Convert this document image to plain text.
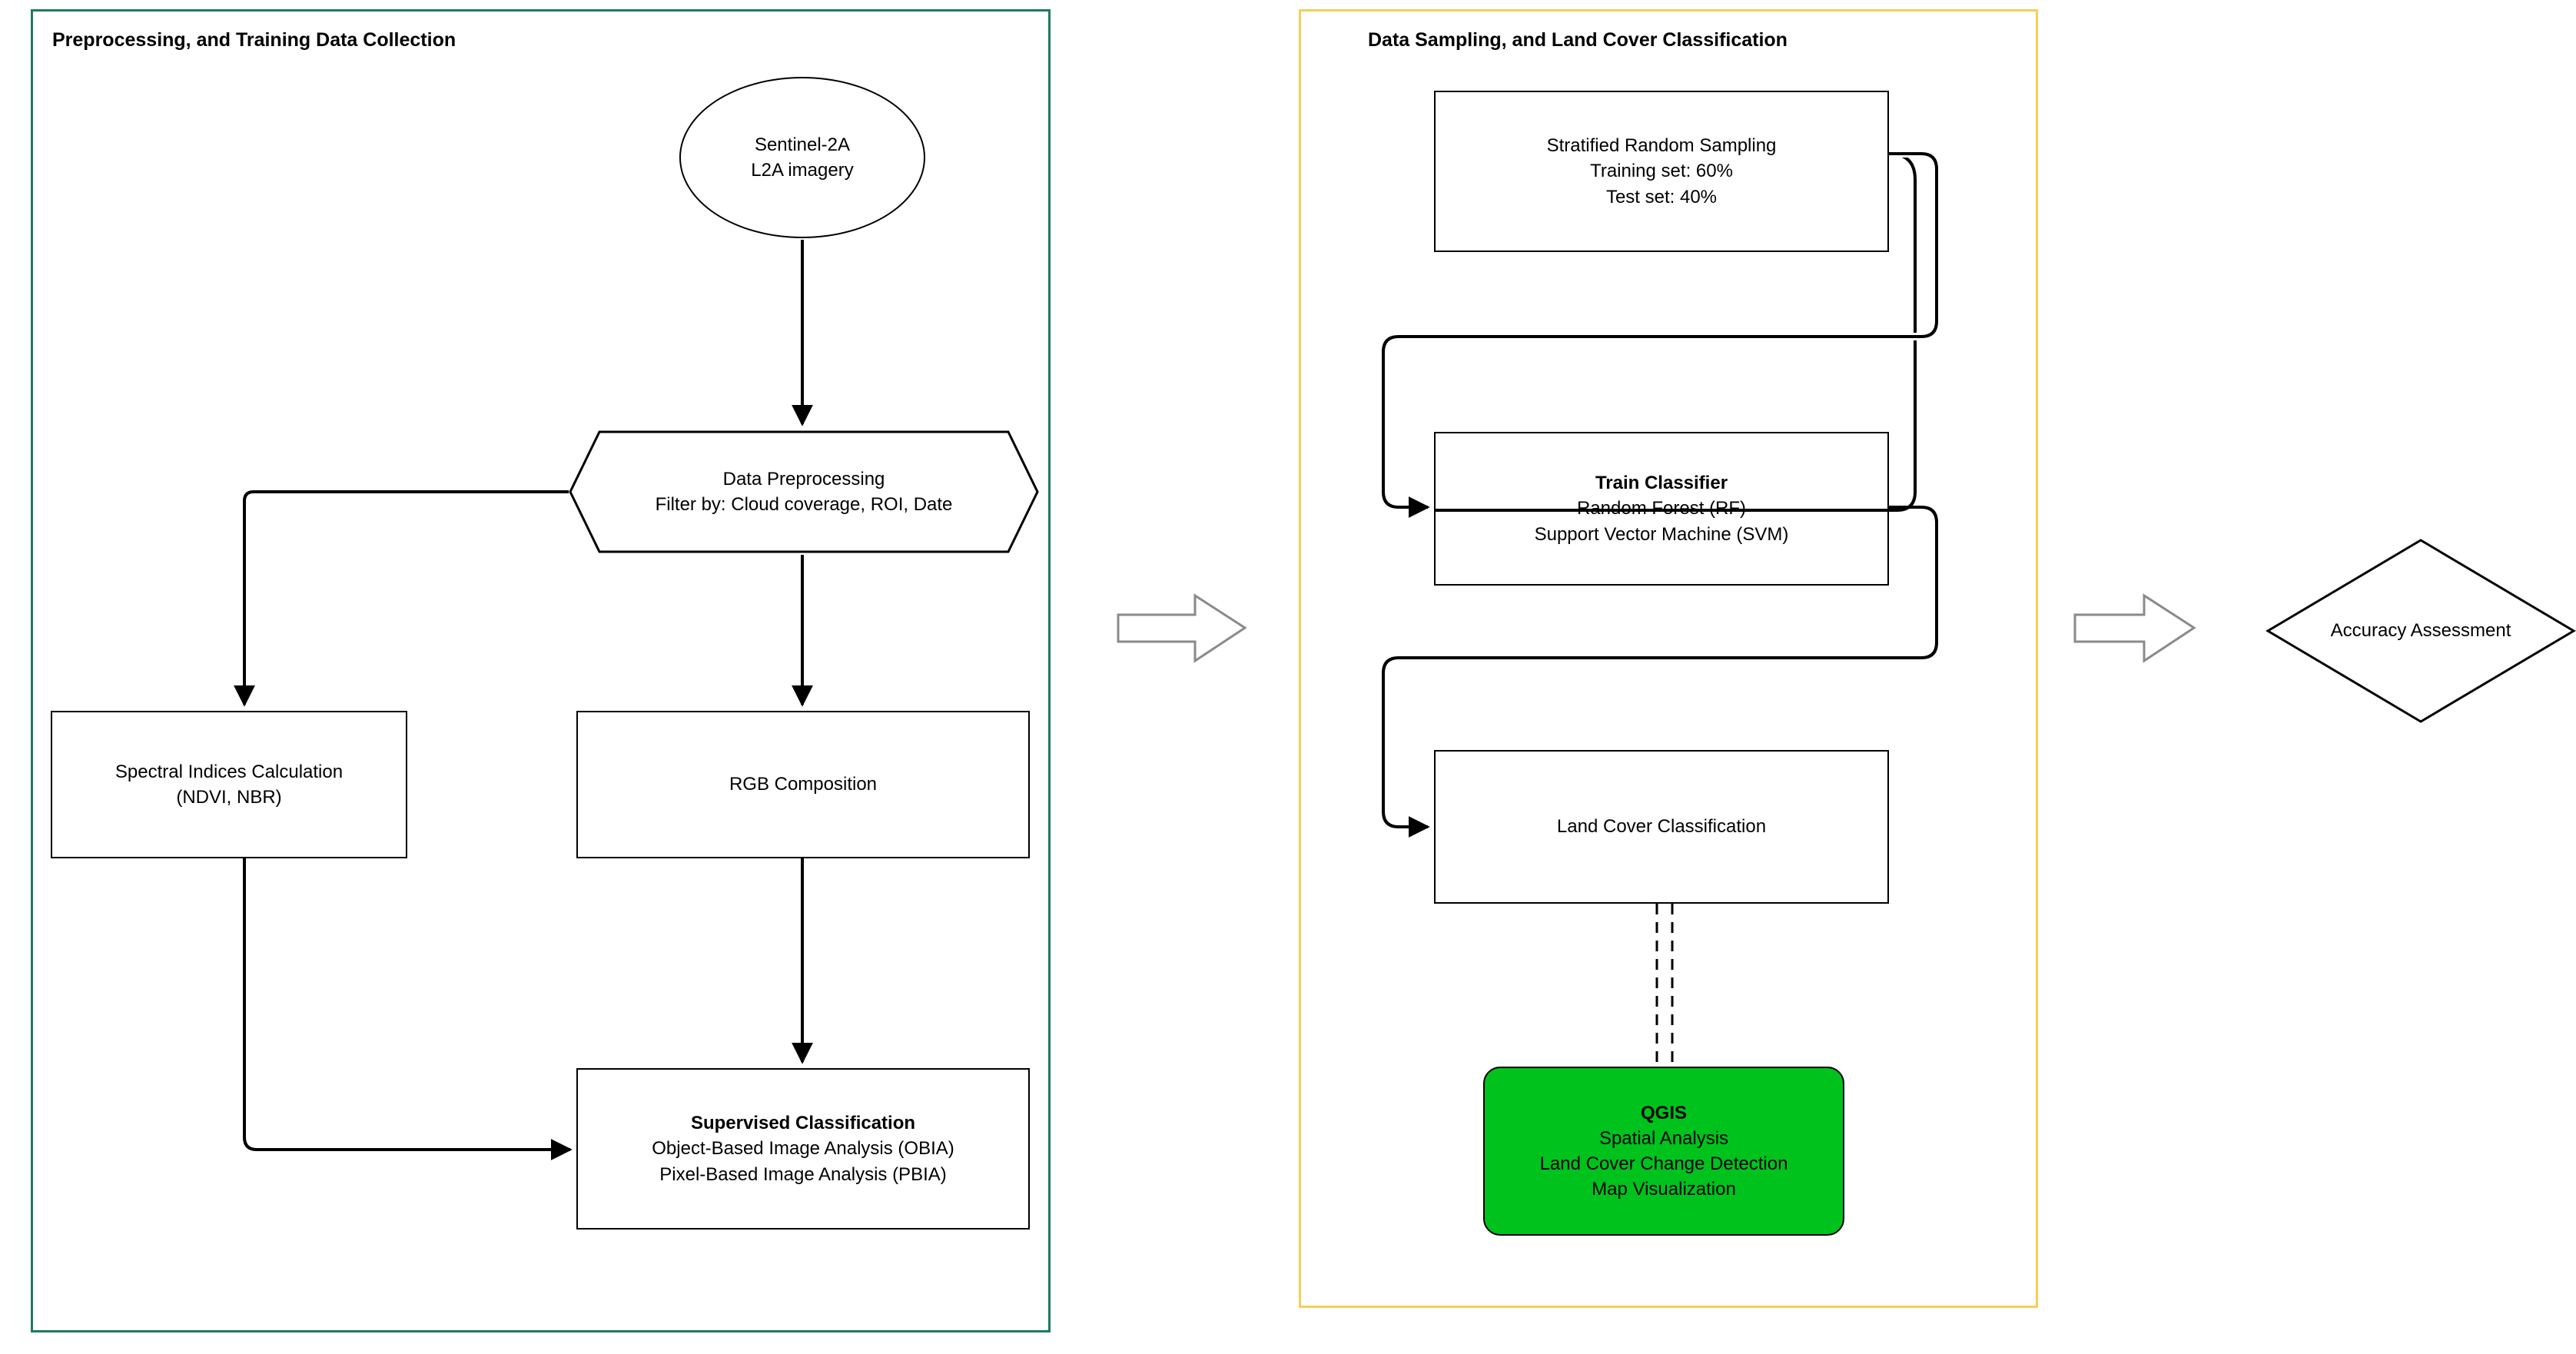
Preprocessing, and Training Data Collection	Data Sampling, and Land Cover Classification
Sentinel-2A
L2A imagery
Data Preprocessing
Filter by: Cloud coverage, ROI, Date
Spectral Indices Calculation
(NDVI, NBR)
RGB Composition
Supervised Classification
Object-Based Image Analysis (OBIA)
Pixel-Based Image Analysis (PBIA)
Stratified Random Sampling
Training set: 60%
Test set: 40%
Train Classifier
Random Forest (RF)
Support Vector Machine (SVM)
Land Cover Classification
QGIS
Spatial Analysis
Land Cover Change Detection
Map Visualization
Accuracy Assessment
